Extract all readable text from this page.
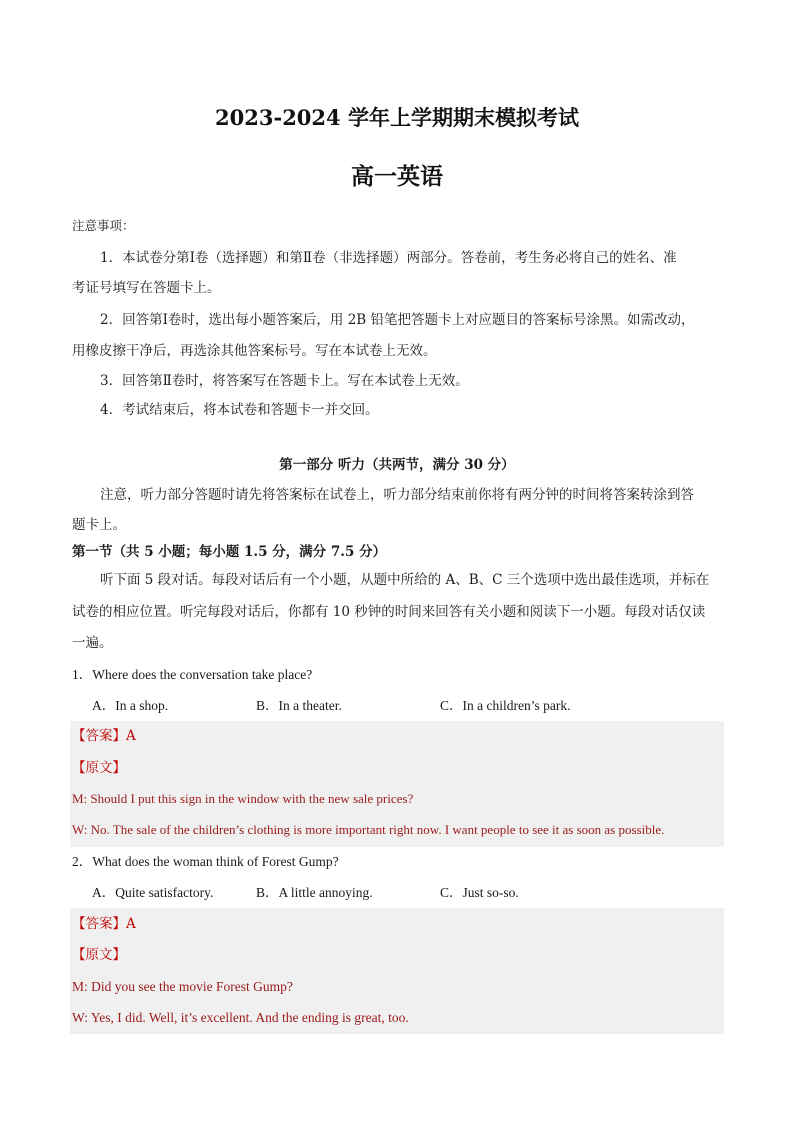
2023-2024 学年上学期期末模拟考试
高一英语
注意事项：
1．本试卷分第Ⅰ卷（选择题）和第Ⅱ卷（非选择题）两部分。答卷前，考生务必将自己的姓名、准
考证号填写在答题卡上。
2．回答第Ⅰ卷时，选出每小题答案后，用 2B 铅笔把答题卡上对应题目的答案标号涂黑。如需改动，
用橡皮擦干净后，再选涂其他答案标号。写在本试卷上无效。
3．回答第Ⅱ卷时，将答案写在答题卡上。写在本试卷上无效。
4．考试结束后，将本试卷和答题卡一并交回。
第一部分 听力（共两节，满分 30 分）
注意，听力部分答题时请先将答案标在试卷上，听力部分结束前你将有两分钟的时间将答案转涂到答
题卡上。
第一节（共 5 小题；每小题 1.5 分，满分 7.5 分）
听下面 5 段对话。每段对话后有一个小题，从题中所给的 A、B、C 三个选项中选出最佳选项，并标在
试卷的相应位置。听完每段对话后，你都有 10 秒钟的时间来回答有关小题和阅读下一小题。每段对话仅读
一遍。
1．Where does the conversation take place?
A．In a shop.	B．In a theater.	C．In a children’s park.
【答案】A
【原文】
M: Should I put this sign in the window with the new sale prices?
W: No. The sale of the children’s clothing is more important right now. I want people to see it as soon as possible.
2．What does the woman think of Forest Gump?
A．Quite satisfactory.	B．A little annoying.	C．Just so-so.
【答案】A
【原文】
M: Did you see the movie Forest Gump?
W: Yes, I did. Well, it’s excellent. And the ending is great, too.
